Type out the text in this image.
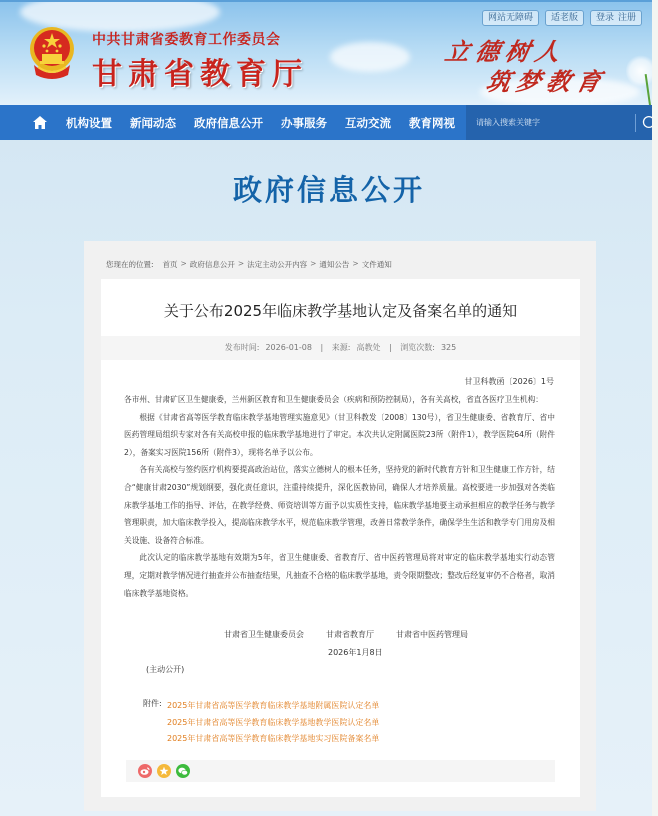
中共甘肃省委教育工作委员会
甘肃省教育厅
立德树人
筑梦教育
网站无障碍	适老版	登录 注册
机构设置 新闻动态 政府信息公开 办事服务 互动交流 教育网视
请输入搜索关键字
政府信息公开
您现在的位置: 首页 > 政府信息公开 > 法定主动公开内容 > 通知公告 > 文件通知
关于公布2025年临床教学基地认定及备案名单的通知
发布时间: 2026-01-08 | 来源: 高教处 | 浏览次数: 325
甘卫科教函〔2026〕1号

各市州、甘肃矿区卫生健康委，兰州新区教育和卫生健康委员会（疾病和预防控制局），各有关高校，省直各医疗卫生机构：

根据《甘肃省高等医学教育临床教学基地管理实施意见》（甘卫科教发〔2008〕130号），省卫生健康委、省教育厅、省中医药管理局组织专家对各有关高校申报的临床教学基地进行了审定。本次共认定附属医院23所（附件1），教学医院64所（附件2），备案实习医院156所（附件3），现将名单予以公布。

各有关高校与签约医疗机构要提高政治站位，落实立德树人的根本任务，坚持党的新时代教育方针和卫生健康工作方针，结合“健康甘肃2030”规划纲要，强化责任意识，注重持续提升，深化医教协同，确保人才培养质量。高校要进一步加强对各类临床教学基地工作的指导、评估，在教学经费、师资培训等方面予以实质性支持，临床教学基地要主动承担相应的教学任务与教学管理职责，加大临床教学投入，提高临床教学水平，规范临床教学管理，改善日常教学条件，确保学生生活和教学专门用房及相关设施、设备符合标准。

此次认定的临床教学基地有效期为5年，省卫生健康委、省教育厅、省中医药管理局将对审定的临床教学基地实行动态管理，定期对教学情况进行抽查并公布抽查结果，凡抽查不合格的临床教学基地，责令限期整改；整改后经复审仍不合格者，取消临床教学基地资格。

甘肃省卫生健康委员会	甘肃省教育厅	甘肃省中医药管理局
2026年1月8日
(主动公开)
附件: 2025年甘肃省高等医学教育临床教学基地附属医院认定名单
2025年甘肃省高等医学教育临床教学基地教学医院认定名单
2025年甘肃省高等医学教育临床教学基地实习医院备案名单
